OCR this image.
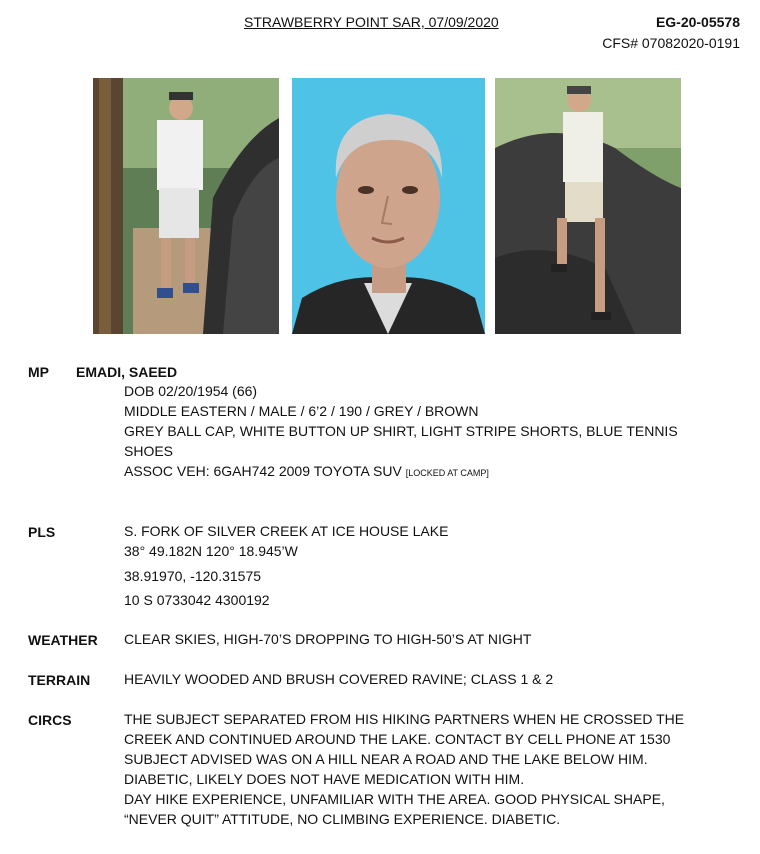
STRAWBERRY POINT SAR, 07/09/2020	EG-20-05578
CFS# 07082020-0191
MP EMADI, SAEED
DOB 02/20/1954 (66)
MIDDLE EASTERN / MALE / 6’2 / 190 / GREY / BROWN
GREY BALL CAP, WHITE BUTTON UP SHIRT, LIGHT STRIPE SHORTS, BLUE TENNIS
SHOES
ASSOC VEH: 6GAH742 2009 TOYOTA SUV [LOCKED AT CAMP]
PLS	S. FORK OF SILVER CREEK AT ICE HOUSE LAKE
38° 49.182N 120° 18.945’W
38.91970, -120.31575
10 S 0733042 4300192
WEATHER CLEAR SKIES, HIGH-70’S DROPPING TO HIGH-50’S AT NIGHT
TERRAIN HEAVILY WOODED AND BRUSH COVERED RAVINE; CLASS 1 & 2
CIRCS	THE SUBJECT SEPARATED FROM HIS HIKING PARTNERS WHEN HE CROSSED THE
CREEK AND CONTINUED AROUND THE LAKE. CONTACT BY CELL PHONE AT 1530
SUBJECT ADVISED WAS ON A HILL NEAR A ROAD AND THE LAKE BELOW HIM.
DIABETIC, LIKELY DOES NOT HAVE MEDICATION WITH HIM.
DAY HIKE EXPERIENCE, UNFAMILIAR WITH THE AREA. GOOD PHYSICAL SHAPE,
“NEVER QUIT” ATTITUDE, NO CLIMBING EXPERIENCE. DIABETIC.
